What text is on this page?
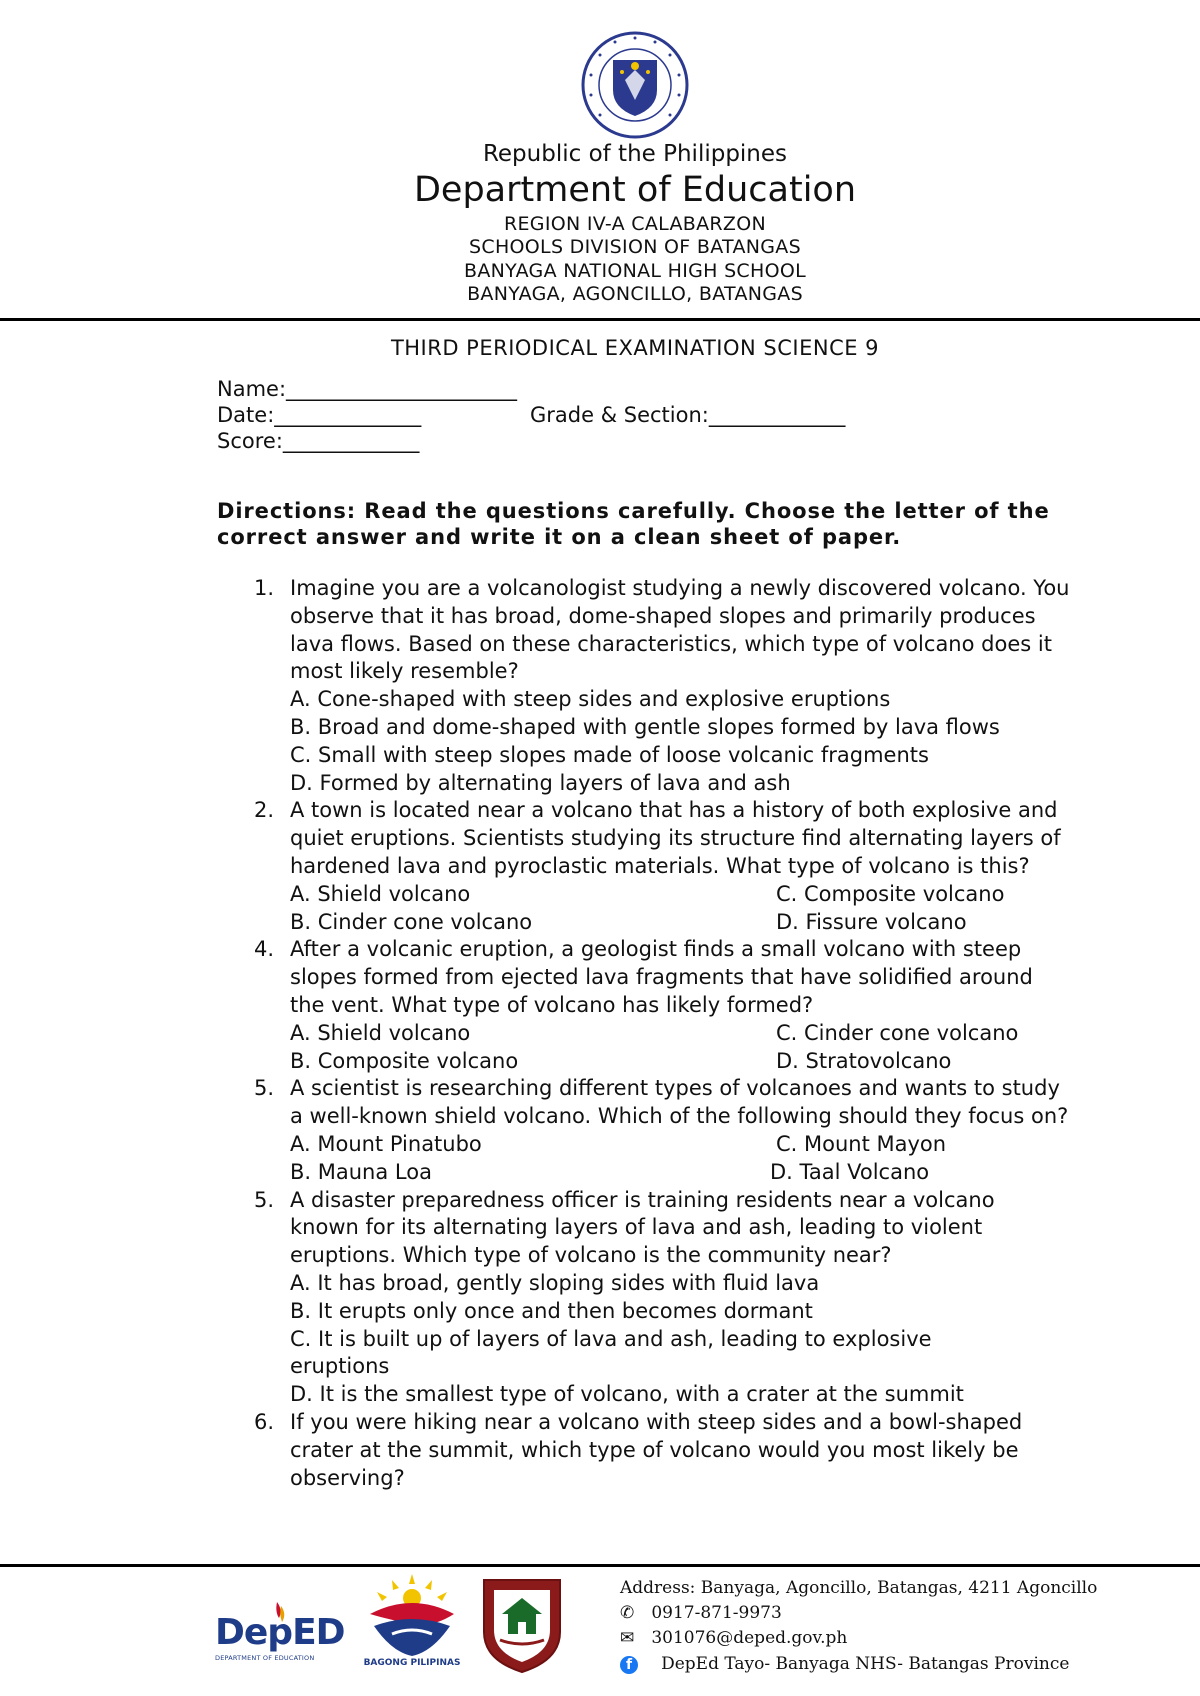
Republic of the Philippines
Department of Education
REGION IV-A CALABARZON
SCHOOLS DIVISION OF BATANGAS
BANYAGA NATIONAL HIGH SCHOOL
BANYAGA, AGONCILLO, BATANGAS
THIRD PERIODICAL EXAMINATION SCIENCE 9
Name:______________________
Date:______________	Grade & Section:_____________
Score:_____________
Directions: Read the questions carefully. Choose the letter of the correct answer and write it on a clean sheet of paper.
1. Imagine you are a volcanologist studying a newly discovered volcano. You observe that it has broad, dome-shaped slopes and primarily produces lava flows. Based on these characteristics, which type of volcano does it most likely resemble?
A. Cone-shaped with steep sides and explosive eruptions
B. Broad and dome-shaped with gentle slopes formed by lava flows
C. Small with steep slopes made of loose volcanic fragments
D. Formed by alternating layers of lava and ash
2. A town is located near a volcano that has a history of both explosive and quiet eruptions. Scientists studying its structure find alternating layers of hardened lava and pyroclastic materials. What type of volcano is this?
A. Shield volcano	C. Composite volcano
B. Cinder cone volcano	D. Fissure volcano
4. After a volcanic eruption, a geologist finds a small volcano with steep slopes formed from ejected lava fragments that have solidified around the vent. What type of volcano has likely formed?
A. Shield volcano	C. Cinder cone volcano
B. Composite volcano	D. Stratovolcano
5. A scientist is researching different types of volcanoes and wants to study a well-known shield volcano. Which of the following should they focus on?
A. Mount Pinatubo	C. Mount Mayon
B. Mauna Loa	D. Taal Volcano
5. A disaster preparedness officer is training residents near a volcano known for its alternating layers of lava and ash, leading to violent eruptions. Which type of volcano is the community near?
A. It has broad, gently sloping sides with fluid lava
B. It erupts only once and then becomes dormant
C. It is built up of layers of lava and ash, leading to explosive eruptions
D. It is the smallest type of volcano, with a crater at the summit
6. If you were hiking near a volcano with steep sides and a bowl-shaped crater at the summit, which type of volcano would you most likely be observing?
DepED
DEPARTMENT OF EDUCATION	BAGONG PILIPINAS
Address: Banyaga, Agoncillo, Batangas, 4211 Agoncillo
✆ 0917-871-9973
✉ 301076@deped.gov.ph
f DepEd Tayo- Banyaga NHS- Batangas Province
